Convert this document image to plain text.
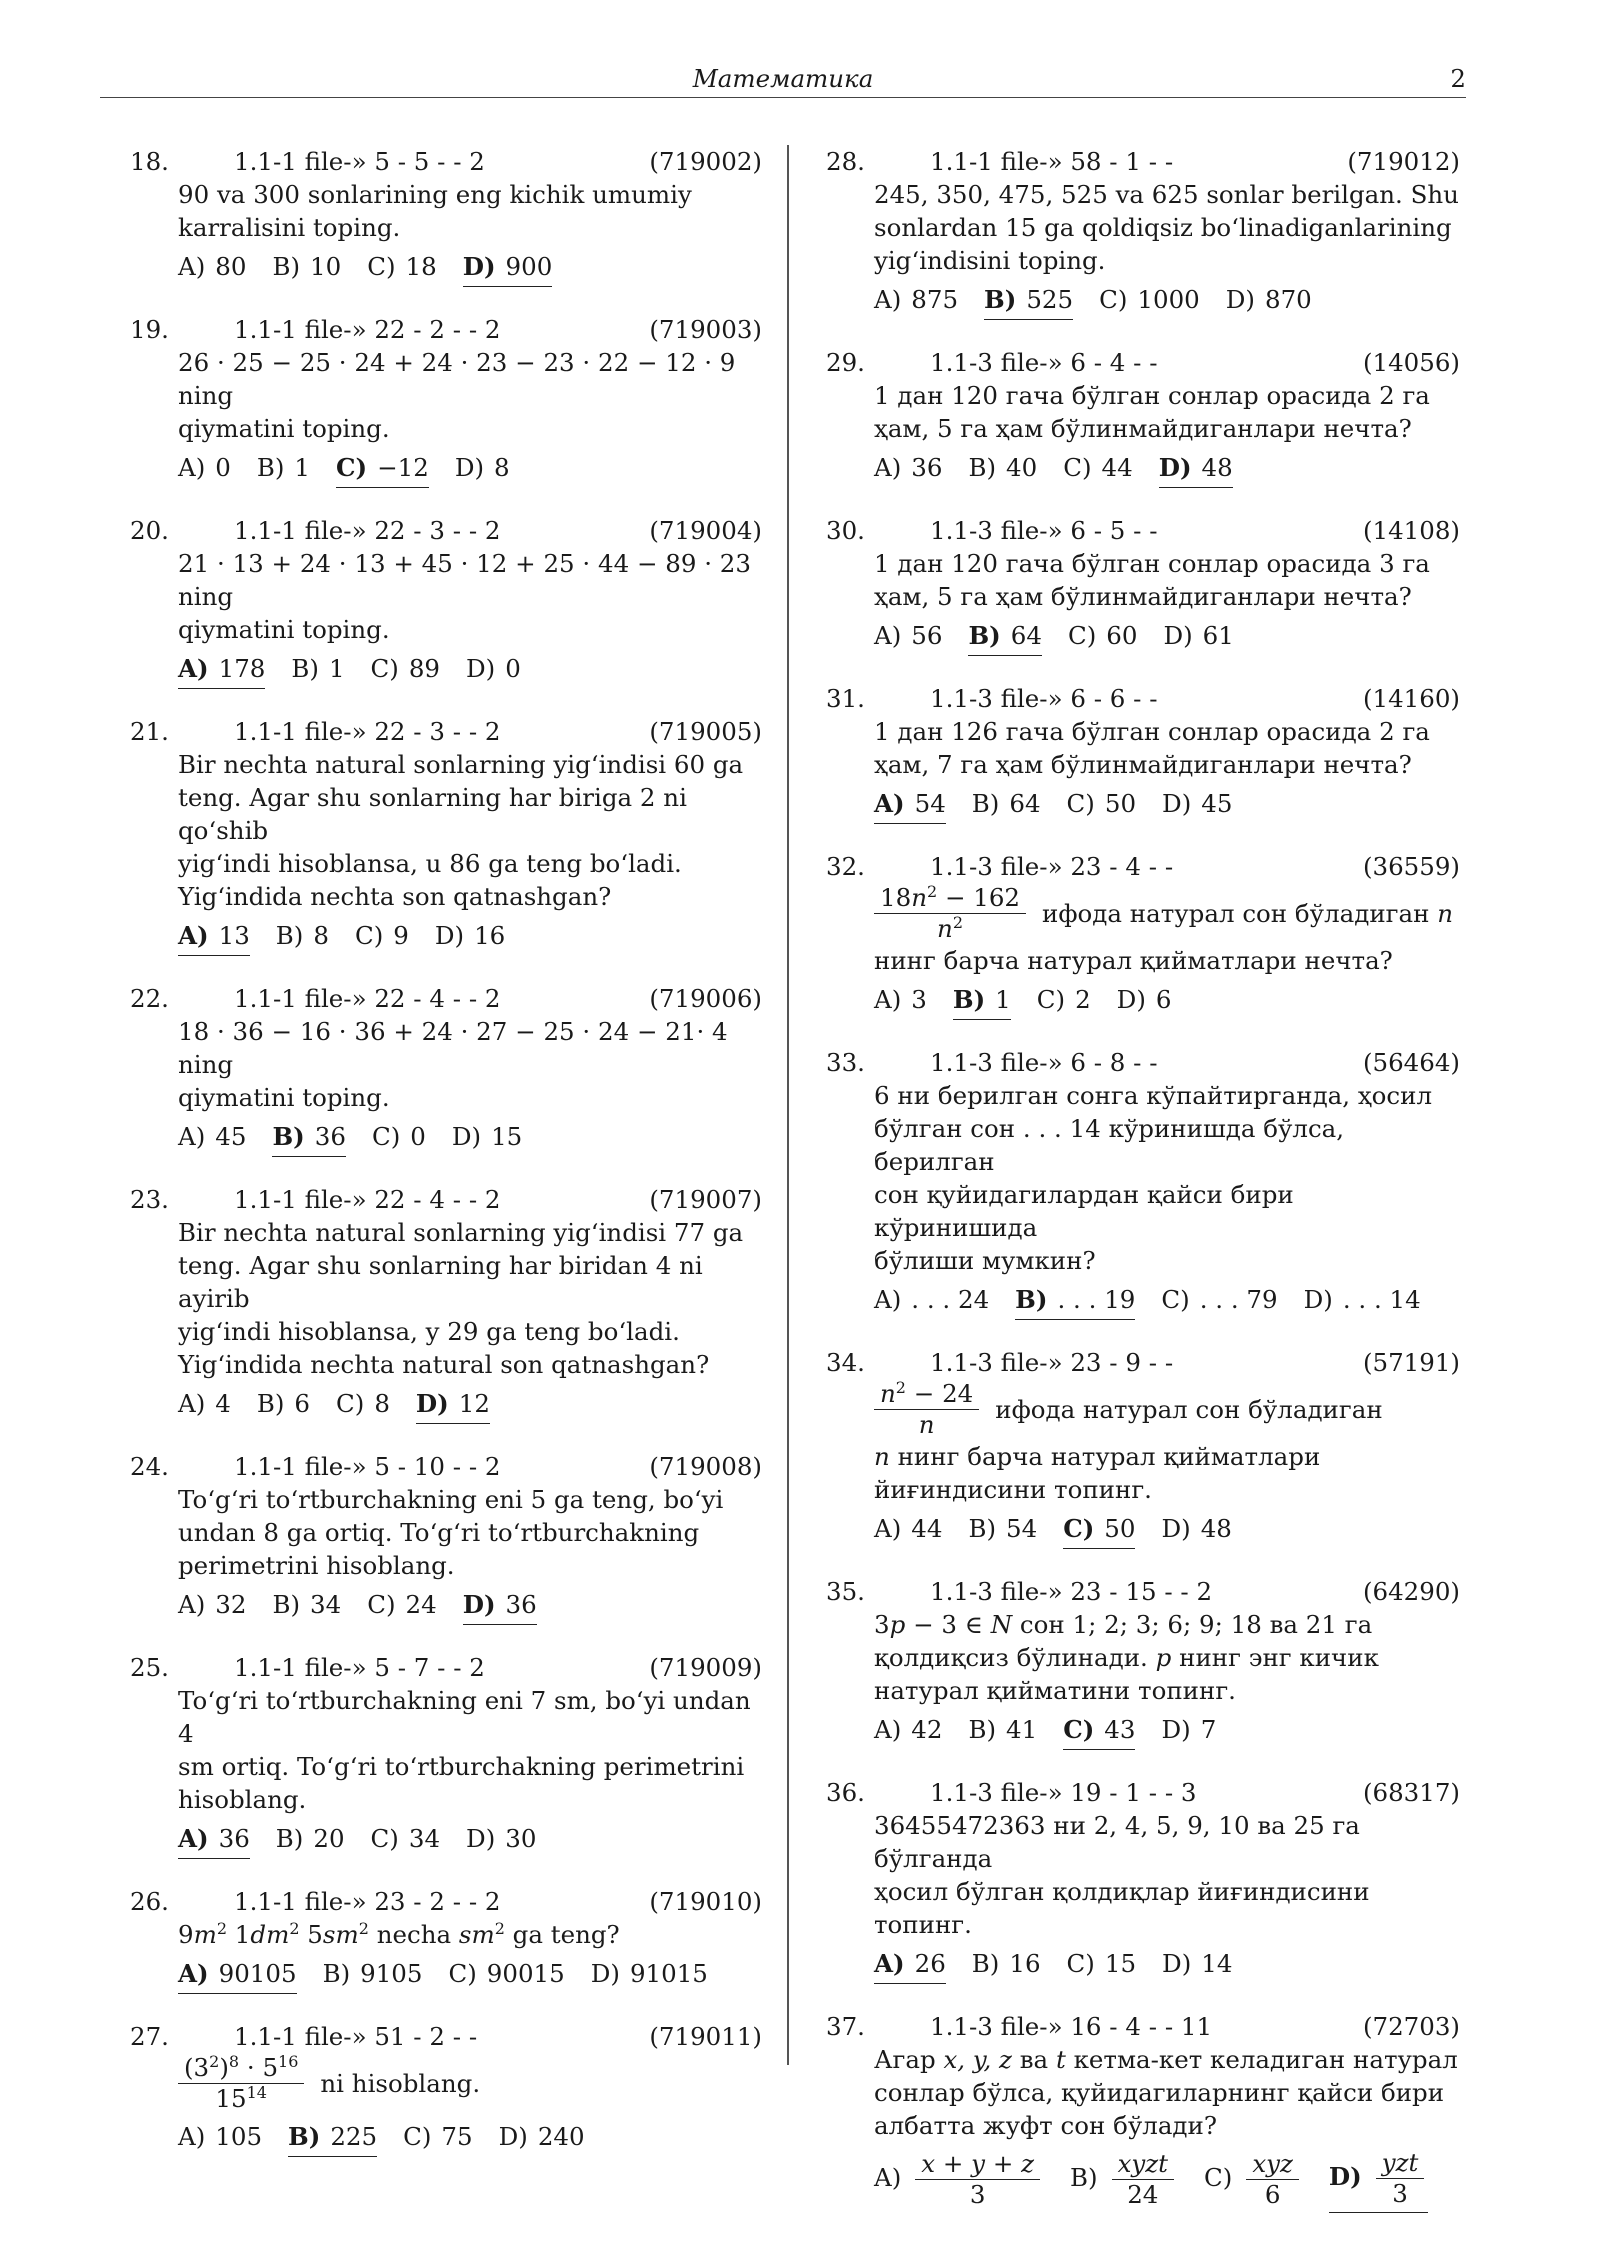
Математика	2
18.	1.1-1 file-» 5 - 5 - - 2	(719002)

90 va 300 sonlarining eng kichik umumiy

karralisini toping.

A) 80 B) 10 C) 18 D) 900
19.	1.1-1 file-» 22 - 2 - - 2	(719003)

26 · 25 − 25 · 24 + 24 · 23 − 23 · 22 − 12 · 9 ning

qiymatini toping.

A) 0 B) 1 C) −12 D) 8
20.	1.1-1 file-» 22 - 3 - - 2	(719004)

21 · 13 + 24 · 13 + 45 · 12 + 25 · 44 − 89 · 23 ning

qiymatini toping.

A) 178 B) 1 C) 89 D) 0
21.	1.1-1 file-» 22 - 3 - - 2	(719005)

Bir nechta natural sonlarning yig‘indisi 60 ga

teng. Agar shu sonlarning har biriga 2 ni qo‘shib

yig‘indi hisoblansa, u 86 ga teng bo‘ladi.

Yig‘indida nechta son qatnashgan?

A) 13 B) 8 C) 9 D) 16
22.	1.1-1 file-» 22 - 4 - - 2	(719006)

18 · 36 − 16 · 36 + 24 · 27 − 25 · 24 − 21· 4 ning

qiymatini toping.

A) 45 B) 36 C) 0 D) 15
23.	1.1-1 file-» 22 - 4 - - 2	(719007)

Bir nechta natural sonlarning yig‘indisi 77 ga

teng. Agar shu sonlarning har biridan 4 ni ayirib

yig‘indi hisoblansa, y 29 ga teng bo‘ladi.

Yig‘indida nechta natural son qatnashgan?

A) 4 B) 6 C) 8 D) 12
24.	1.1-1 file-» 5 - 10 - - 2	(719008)

To‘g‘ri to‘rtburchakning eni 5 ga teng, bo‘yi

undan 8 ga ortiq. To‘g‘ri to‘rtburchakning

perimetrini hisoblang.

A) 32 B) 34 C) 24 D) 36
25.	1.1-1 file-» 5 - 7 - - 2	(719009)

To‘g‘ri to‘rtburchakning eni 7 sm, bo‘yi undan 4

sm ortiq. To‘g‘ri to‘rtburchakning perimetrini

hisoblang.

A) 36 B) 20 C) 34 D) 30
26.	1.1-1 file-» 23 - 2 - - 2	(719010)

$9m^2$ $1dm^2$ $5sm^2$ necha $sm^2$ ga teng?

A) 90105 B) 9105 C) 90015 D) 91015
27.	1.1-1 file-» 51 - 2 - -	(719011)
$\frac{(3^2)^8 \cdot 5^{16}}{15^{14}}$ ni hisoblang.
A) 105 B) 225 C) 75 D) 240
28.	1.1-1 file-» 58 - 1 - -	(719012)

245, 350, 475, 525 va 625 sonlar berilgan. Shu

sonlardan 15 ga qoldiqsiz bo‘linadiganlarining

yig‘indisini toping.

A) 875 B) 525 C) 1000 D) 870
29.	1.1-3 file-» 6 - 4 - -	(14056)

1 дан 120 гача бўлган сонлар орасида 2 га

ҳам, 5 га ҳам бўлинмайдиганлари нечта?

A) 36 B) 40 C) 44 D) 48
30.	1.1-3 file-» 6 - 5 - -	(14108)

1 дан 120 гача бўлган сонлар орасида 3 га

ҳам, 5 га ҳам бўлинмайдиганлари нечта?

A) 56 B) 64 C) 60 D) 61
31.	1.1-3 file-» 6 - 6 - -	(14160)

1 дан 126 гача бўлган сонлар орасида 2 га

ҳам, 7 га ҳам бўлинмайдиганлари нечта?

A) 54 B) 64 C) 50 D) 45
32.	1.1-3 file-» 23 - 4 - -	(36559)
$\frac{18n^2 - 162}{n^2}$ ифода натурал сон бўладиган n

нинг барча натурал қийматлари нечта?

A) 3 B) 1 C) 2 D) 6
33.	1.1-3 file-» 6 - 8 - -	(56464)

6 ни берилган сонга кўпайтирганда, ҳосил

бўлган сон . . . 14 кўринишда бўлса, берилган

сон қуйидагилардан қайси бири кўринишида

бўлиши мумкин?

A) . . . 24 B) . . . 19 C) . . . 79 D) . . . 14
34.	1.1-3 file-» 23 - 9 - -	(57191)
$\frac{n^2 - 24}{n}$ ифода натурал сон бўладиган

n нинг барча натурал қийматлари

йиғиндисини топинг.

A) 44 B) 54 C) 50 D) 48
35.	1.1-3 file-» 23 - 15 - - 2	(64290)

3p − 3 ∈ N сон 1; 2; 3; 6; 9; 18 ва 21 га

қолдиқсиз бўлинади. p нинг энг кичик

натурал қийматини топинг.

A) 42 B) 41 C) 43 D) 7
36.	1.1-3 file-» 19 - 1 - - 3	(68317)

36455472363 ни 2, 4, 5, 9, 10 ва 25 га бўлганда

ҳосил бўлган қолдиқлар йиғиндисини топинг.

A) 26 B) 16 C) 15 D) 14
37.	1.1-3 file-» 16 - 4 - - 11	(72703)

Агар x, y, z ва t кетма-кет келадиган натурал

сонлар бўлса, қуйидагиларнинг қайси бири

албатта жуфт сон бўлади?

$A) \frac{x + y + z}{3} B) \frac{\text{xyzt}}{24} C) \frac{\text{xyz}}{6} D) \frac{\text{yzt}}{3}$
